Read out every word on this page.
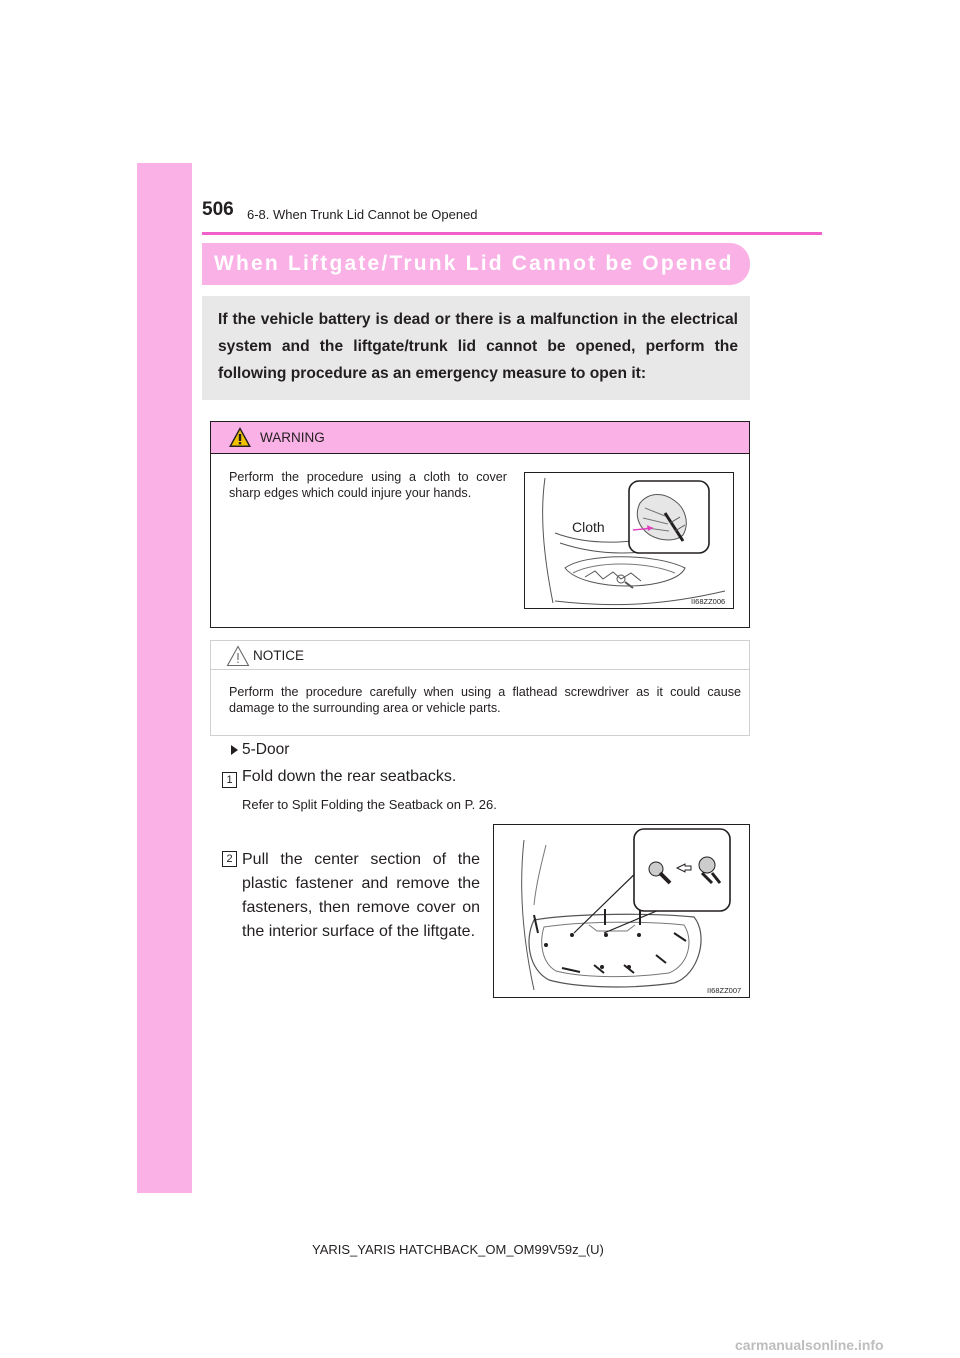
506 6-8. When Trunk Lid Cannot be Opened
When Liftgate/Trunk Lid Cannot be Opened
If the vehicle battery is dead or there is a malfunction in the electrical system and the liftgate/trunk lid cannot be opened, perform the following procedure as an emergency measure to open it:
WARNING
Perform the procedure using a cloth to cover sharp edges which could injure your hands.
Cloth
II68ZZ006
NOTICE
Perform the procedure carefully when using a flathead screwdriver as it could cause damage to the surrounding area or vehicle parts.
5-Door
1 Fold down the rear seatbacks.
Refer to Split Folding the Seatback on P. 26.
2 Pull the center section of the plastic fastener and remove the fasteners, then remove cover on the interior surface of the liftgate.
II68ZZ007
YARIS_YARIS HATCHBACK_OM_OM99V59z_(U)
carmanualsonline.info
